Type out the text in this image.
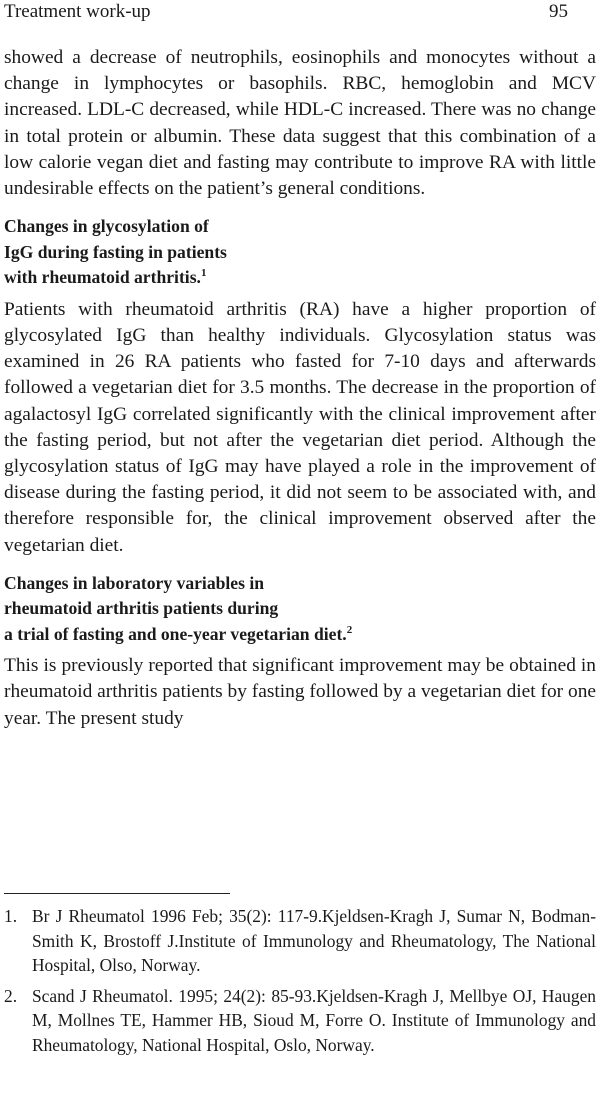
Treatment work-up	95

showed a decrease of neutrophils, eosinophils and monocytes without a change in lymphocytes or basophils. RBC, hemoglobin and MCV increased. LDL-C decreased, while HDL-C increased. There was no change in total protein or albumin. These data suggest that this combination of a low calorie vegan diet and fasting may contribute to improve RA with little undesirable effects on the patient’s general conditions.

Changes in glycosylation of
IgG during fasting in patients
with rheumatoid arthritis.$^1$

Patients with rheumatoid arthritis (RA) have a higher proportion of glycosylated IgG than healthy individuals. Glycosylation status was examined in 26 RA patients who fasted for 7-10 days and afterwards followed a vegetarian diet for 3.5 months. The decrease in the proportion of agalactosyl IgG correlated significantly with the clinical improvement after the fasting period, but not after the vegetarian diet period. Although the glycosylation status of IgG may have played a role in the improvement of disease during the fasting period, it did not seem to be associated with, and therefore responsible for, the clinical improvement observed after the vegetarian diet.

Changes in laboratory variables in
rheumatoid arthritis patients during
a trial of fasting and one-year vegetarian diet.$^2$

This is previously reported that significant improvement may be obtained in rheumatoid arthritis patients by fasting followed by a vegetarian diet for one year. The present study

1. Br J Rheumatol 1996 Feb; 35(2): 117-9.Kjeldsen-Kragh J, Sumar N, Bodman-Smith K, Brostoff J.Institute of Immunology and Rheumatology, The National Hospital, Olso, Norway.

2. Scand J Rheumatol. 1995; 24(2): 85-93.Kjeldsen-Kragh J, Mellbye OJ, Haugen M, Mollnes TE, Hammer HB, Sioud M, Forre O. Institute of Immunology and Rheumatology, National Hospital, Oslo, Norway.
